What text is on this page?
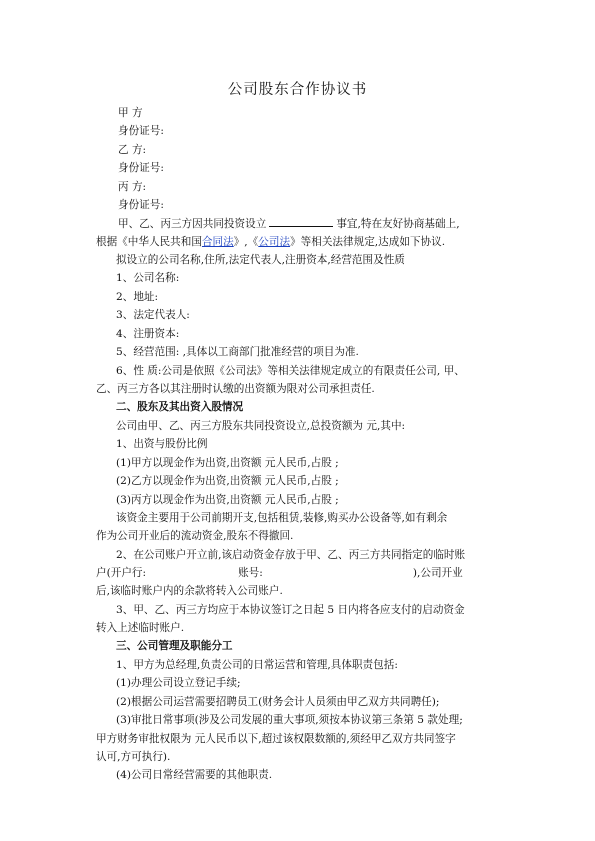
公司股东合作协议书
甲 方
身份证号:
乙 方:
身份证号:
丙 方:
身份证号:
甲、乙、丙三方因共同投资设立	事宜,特在友好协商基础上,
根据《中华人民共和国合同法》,《公司法》等相关法律规定,达成如下协议.
拟设立的公司名称,住所,法定代表人,注册资本,经营范围及性质
1、公司名称:
2、地址:
3、法定代表人:
4、注册资本:
5、经营范围: ,具体以工商部门批准经营的项目为准.
6、性 质:公司是依照《公司法》等相关法律规定成立的有限责任公司, 甲、
乙、丙三方各以其注册时认缴的出资额为限对公司承担责任.
二、股东及其出资入股情况
公司由甲、乙、丙三方股东共同投资设立,总投资额为 元,其中:
1、出资与股份比例
(1)甲方以现金作为出资,出资额 元人民币,占股 ;
(2)乙方以现金作为出资,出资额 元人民币,占股 ;
(3)丙方以现金作为出资,出资额 元人民币,占股 ;
该资金主要用于公司前期开支,包括租赁,装修,购买办公设备等,如有剩余
作为公司开业后的流动资金,股东不得撤回.
2、在公司账户开立前,该启动资金存放于甲、乙、丙三方共同指定的临时账
户(开户行:	账号:	),公司开业
后,该临时账户内的余款将转入公司账户.
3、甲、乙、丙三方均应于本协议签订之日起 5 日内将各应支付的启动资金
转入上述临时账户.
三、公司管理及职能分工
1、甲方为总经理,负责公司的日常运营和管理,具体职责包括:
(1)办理公司设立登记手续;
(2)根据公司运营需要招聘员工(财务会计人员须由甲乙双方共同聘任);
(3)审批日常事项(涉及公司发展的重大事项,须按本协议第三条第 5 款处理;
甲方财务审批权限为 元人民币以下,超过该权限数额的,须经甲乙双方共同签字
认可,方可执行).
(4)公司日常经营需要的其他职责.
